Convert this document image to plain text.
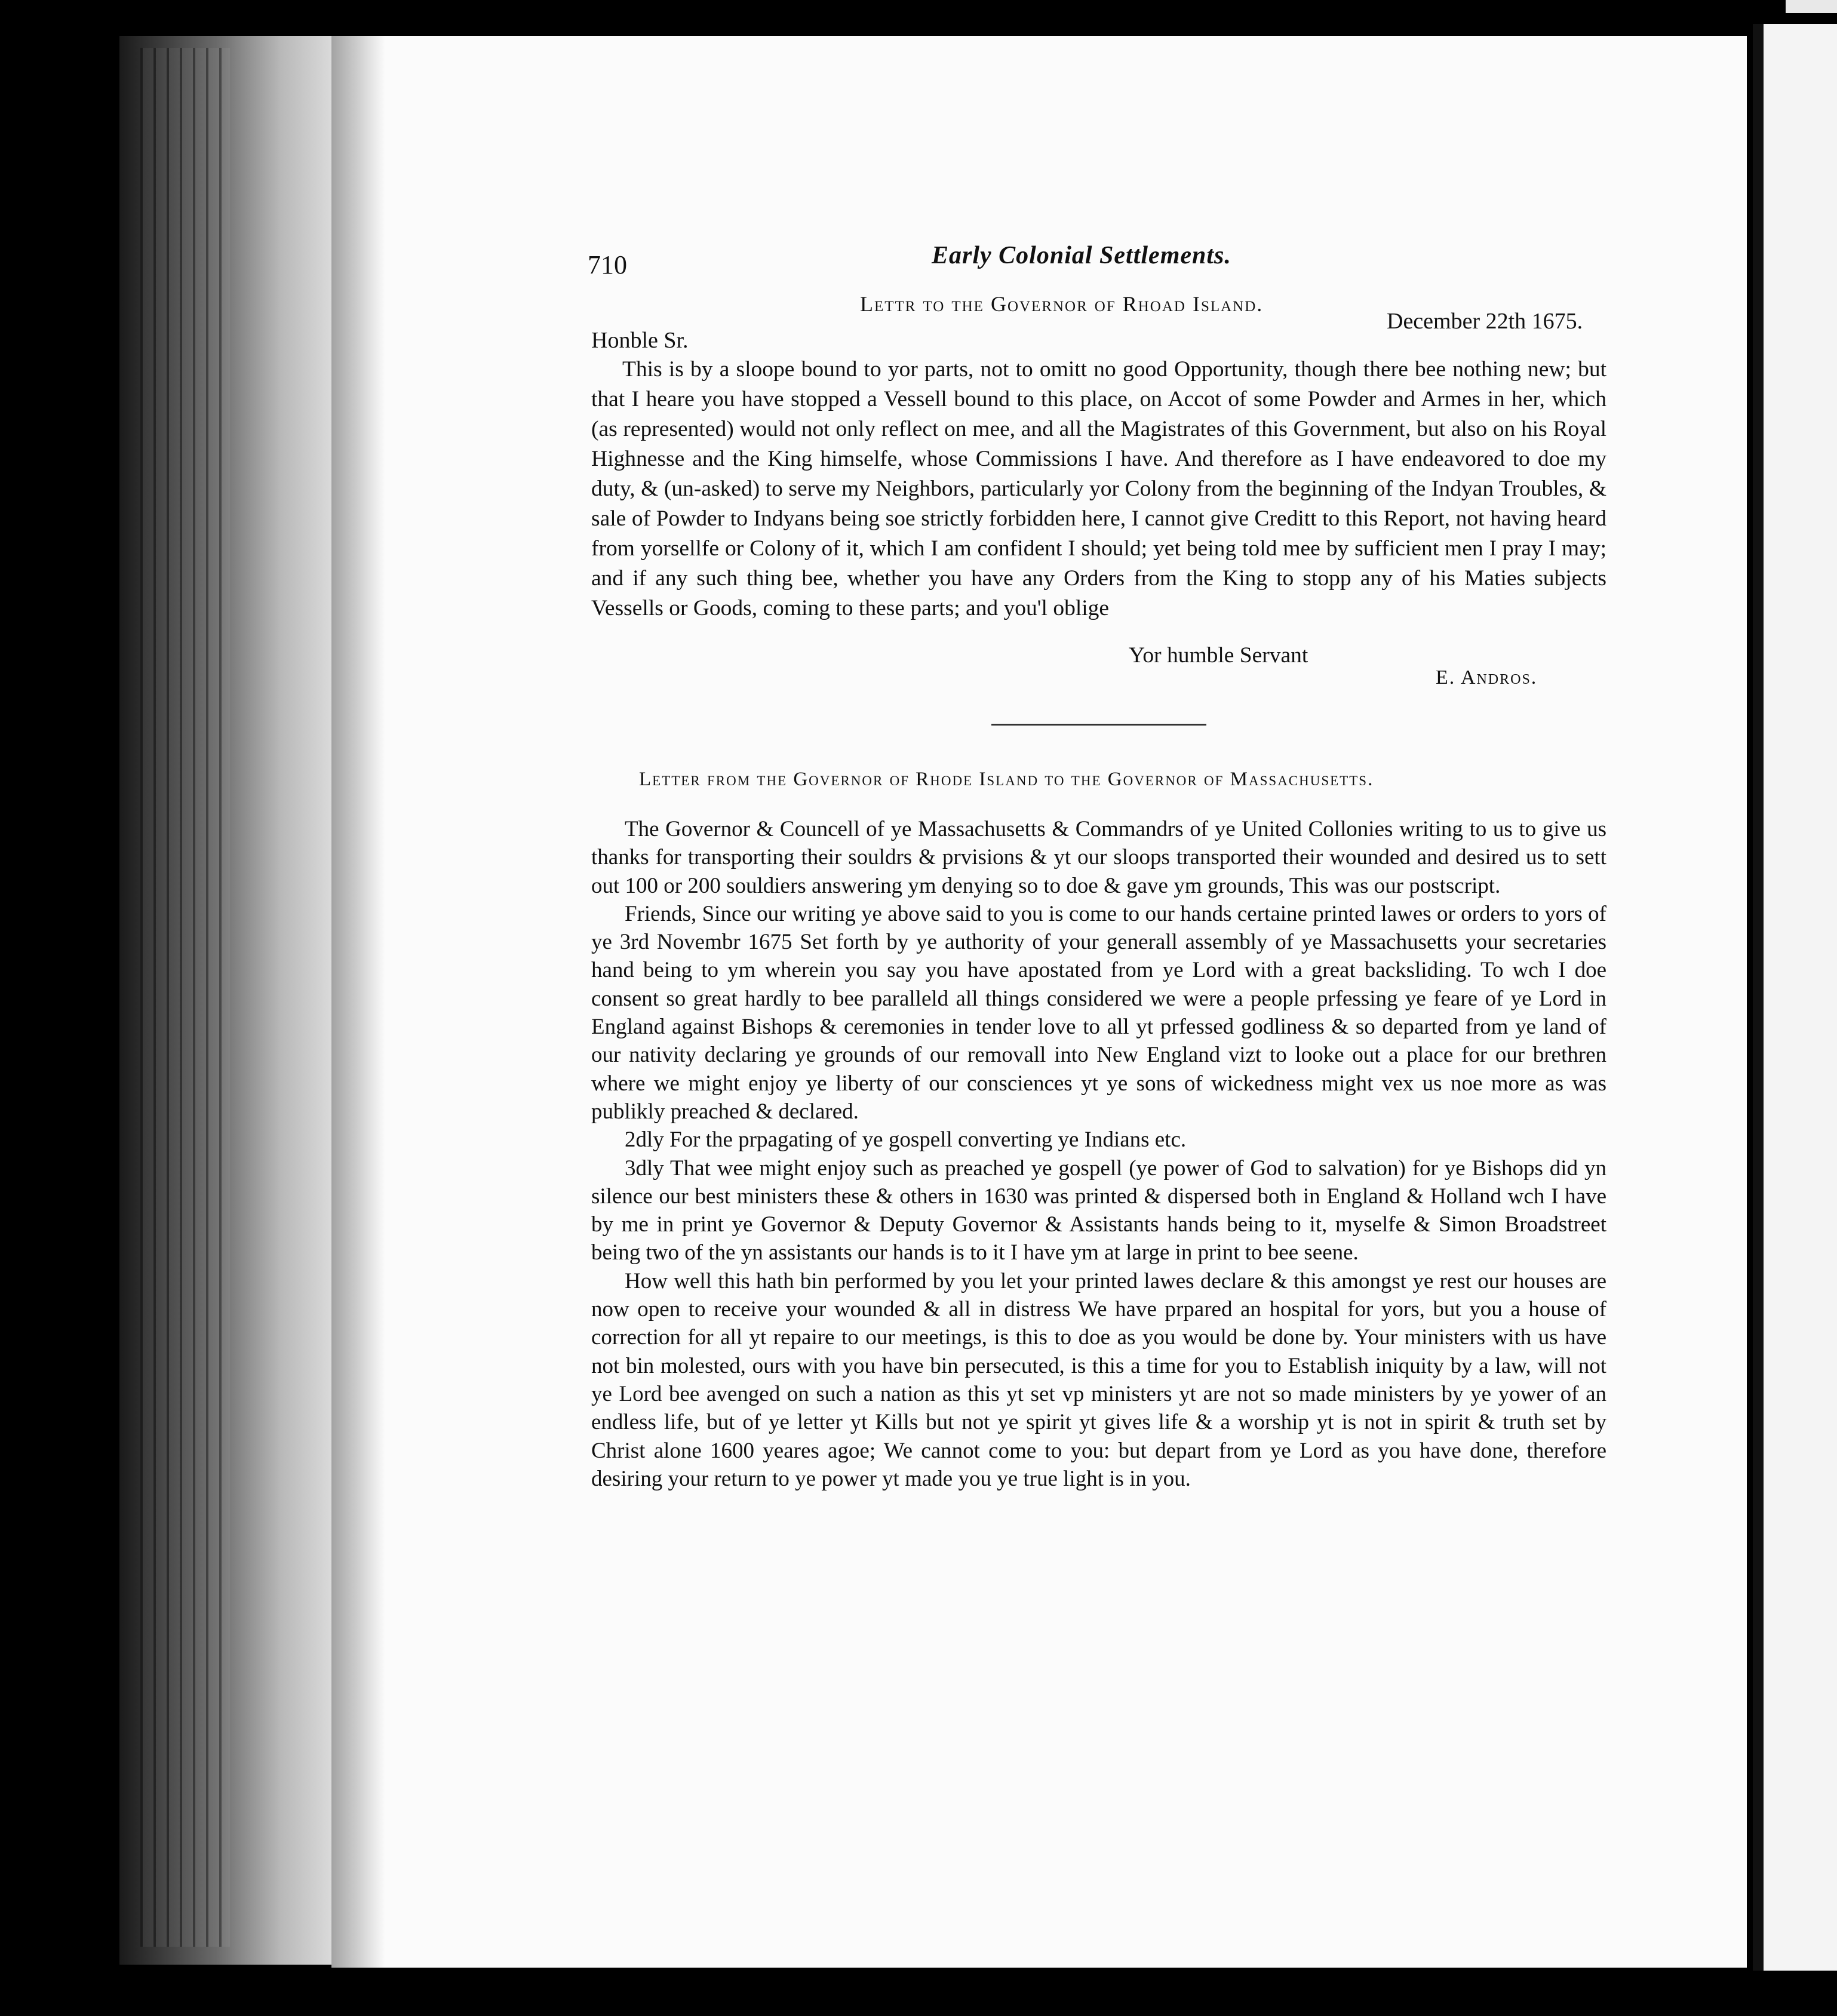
710	Early Colonial Settlements.
Lettr to the Governor of Rhoad Island.
December 22th 1675.
Honble Sr.
This is by a sloope bound to yor parts, not to omitt no good Opportunity, though there bee nothing new; but that I heare you have stopped a Vessell bound to this place, on Accot of some Powder and Armes in her, which (as represented) would not only reflect on mee, and all the Magistrates of this Government, but also on his Royal Highnesse and the King himselfe, whose Commissions I have. And therefore as I have endeavored to doe my duty, & (un-asked) to serve my Neighbors, particularly yor Colony from the beginning of the Indyan Troubles, & sale of Powder to Indyans being soe strictly forbidden here, I cannot give Creditt to this Report, not having heard from yorsellfe or Colony of it, which I am confident I should; yet being told mee by sufficient men I pray I may; and if any such thing bee, whether you have any Orders from the King to stopp any of his Maties subjects Vessells or Goods, coming to these parts; and you'l oblige
Yor humble Servant
E. Andros.
Letter from the Governor of Rhode Island to the Governor of Massachusetts.

The Governor & Councell of ye Massachusetts & Commandrs of ye United Collonies writing to us to give us thanks for transporting their souldrs & prvisions & yt our sloops transported their wounded and desired us to sett out 100 or 200 souldiers answering ym denying so to doe & gave ym grounds, This was our postscript.

Friends, Since our writing ye above said to you is come to our hands certaine printed lawes or orders to yors of ye 3rd Novembr 1675 Set forth by ye authority of your generall assembly of ye Massachusetts your secretaries hand being to ym wherein you say you have apostated from ye Lord with a great backsliding. To wch I doe consent so great hardly to bee paralleld all things considered we were a people prfessing ye feare of ye Lord in England against Bishops & ceremonies in tender love to all yt prfessed godliness & so departed from ye land of our nativity declaring ye grounds of our removall into New England vizt to looke out a place for our brethren where we might enjoy ye liberty of our consciences yt ye sons of wickedness might vex us noe more as was publikly preached & declared.

2dly For the prpagating of ye gospell converting ye Indians etc.

3dly That wee might enjoy such as preached ye gospell (ye power of God to salvation) for ye Bishops did yn silence our best ministers these & others in 1630 was printed & dispersed both in England & Holland wch I have by me in print ye Governor & Deputy Governor & Assistants hands being to it, myselfe & Simon Broadstreet being two of the yn assistants our hands is to it I have ym at large in print to bee seene.

How well this hath bin performed by you let your printed lawes declare & this amongst ye rest our houses are now open to receive your wounded & all in distress We have prpared an hospital for yors, but you a house of correction for all yt repaire to our meetings, is this to doe as you would be done by. Your ministers with us have not bin molested, ours with you have bin persecuted, is this a time for you to Establish iniquity by a law, will not ye Lord bee avenged on such a nation as this yt set vp ministers yt are not so made ministers by ye yower of an endless life, but of ye letter yt Kills but not ye spirit yt gives life & a worship yt is not in spirit & truth set by Christ alone 1600 yeares agoe; We cannot come to you: but depart from ye Lord as you have done, therefore desiring your return to ye power yt made you ye true light is in you.
